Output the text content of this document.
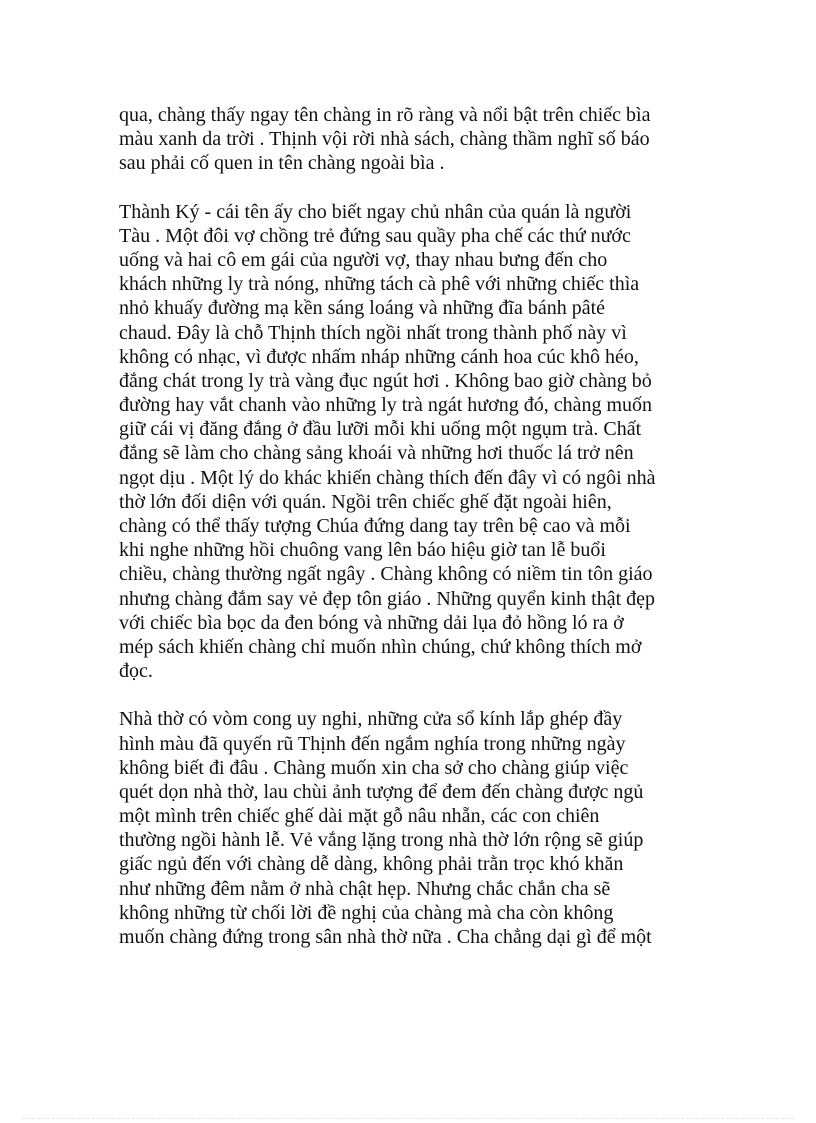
qua, chàng thấy ngay tên chàng in rõ ràng và nổi bật trên chiếc bìa
màu xanh da trời . Thịnh vội rời nhà sách, chàng thầm nghĩ số báo
sau phải cố quen in tên chàng ngoài bìa .

Thành Ký - cái tên ấy cho biết ngay chủ nhân của quán là người
Tàu . Một đôi vợ chồng trẻ đứng sau quầy pha chế các thứ nước
uống và hai cô em gái của người vợ, thay nhau bưng đến cho
khách những ly trà nóng, những tách cà phê với những chiếc thìa
nhỏ khuấy đường mạ kền sáng loáng và những đĩa bánh pâté
chaud. Đây là chỗ Thịnh thích ngồi nhất trong thành phố này vì
không có nhạc, vì được nhấm nháp những cánh hoa cúc khô héo,
đắng chát trong ly trà vàng đục ngút hơi . Không bao giờ chàng bỏ
đường hay vắt chanh vào những ly trà ngát hương đó, chàng muốn
giữ cái vị đăng đắng ở đầu lưỡi mỗi khi uống một ngụm trà. Chất
đắng sẽ làm cho chàng sảng khoái và những hơi thuốc lá trở nên
ngọt dịu . Một lý do khác khiến chàng thích đến đây vì có ngôi nhà
thờ lớn đối diện với quán. Ngồi trên chiếc ghế đặt ngoài hiên,
chàng có thể thấy tượng Chúa đứng dang tay trên bệ cao và mỗi
khi nghe những hồi chuông vang lên báo hiệu giờ tan lễ buổi
chiều, chàng thường ngất ngây . Chàng không có niềm tin tôn giáo
nhưng chàng đắm say vẻ đẹp tôn giáo . Những quyển kinh thật đẹp
với chiếc bìa bọc da đen bóng và những dải lụa đỏ hồng ló ra ở
mép sách khiến chàng chỉ muốn nhìn chúng, chứ không thích mở
đọc.

Nhà thờ có vòm cong uy nghi, những cửa sổ kính lắp ghép đầy
hình màu đã quyến rũ Thịnh đến ngắm nghía trong những ngày
không biết đi đâu . Chàng muốn xin cha sở cho chàng giúp việc
quét dọn nhà thờ, lau chùi ảnh tượng để đem đến chàng được ngủ
một mình trên chiếc ghế dài mặt gỗ nâu nhẵn, các con chiên
thường ngồi hành lễ. Vẻ vắng lặng trong nhà thờ lớn rộng sẽ giúp
giấc ngủ đến với chàng dễ dàng, không phải trằn trọc khó khăn
như những đêm nằm ở nhà chật hẹp. Nhưng chắc chắn cha sẽ
không những từ chối lời đề nghị của chàng mà cha còn không
muốn chàng đứng trong sân nhà thờ nữa . Cha chẳng dại gì để một
